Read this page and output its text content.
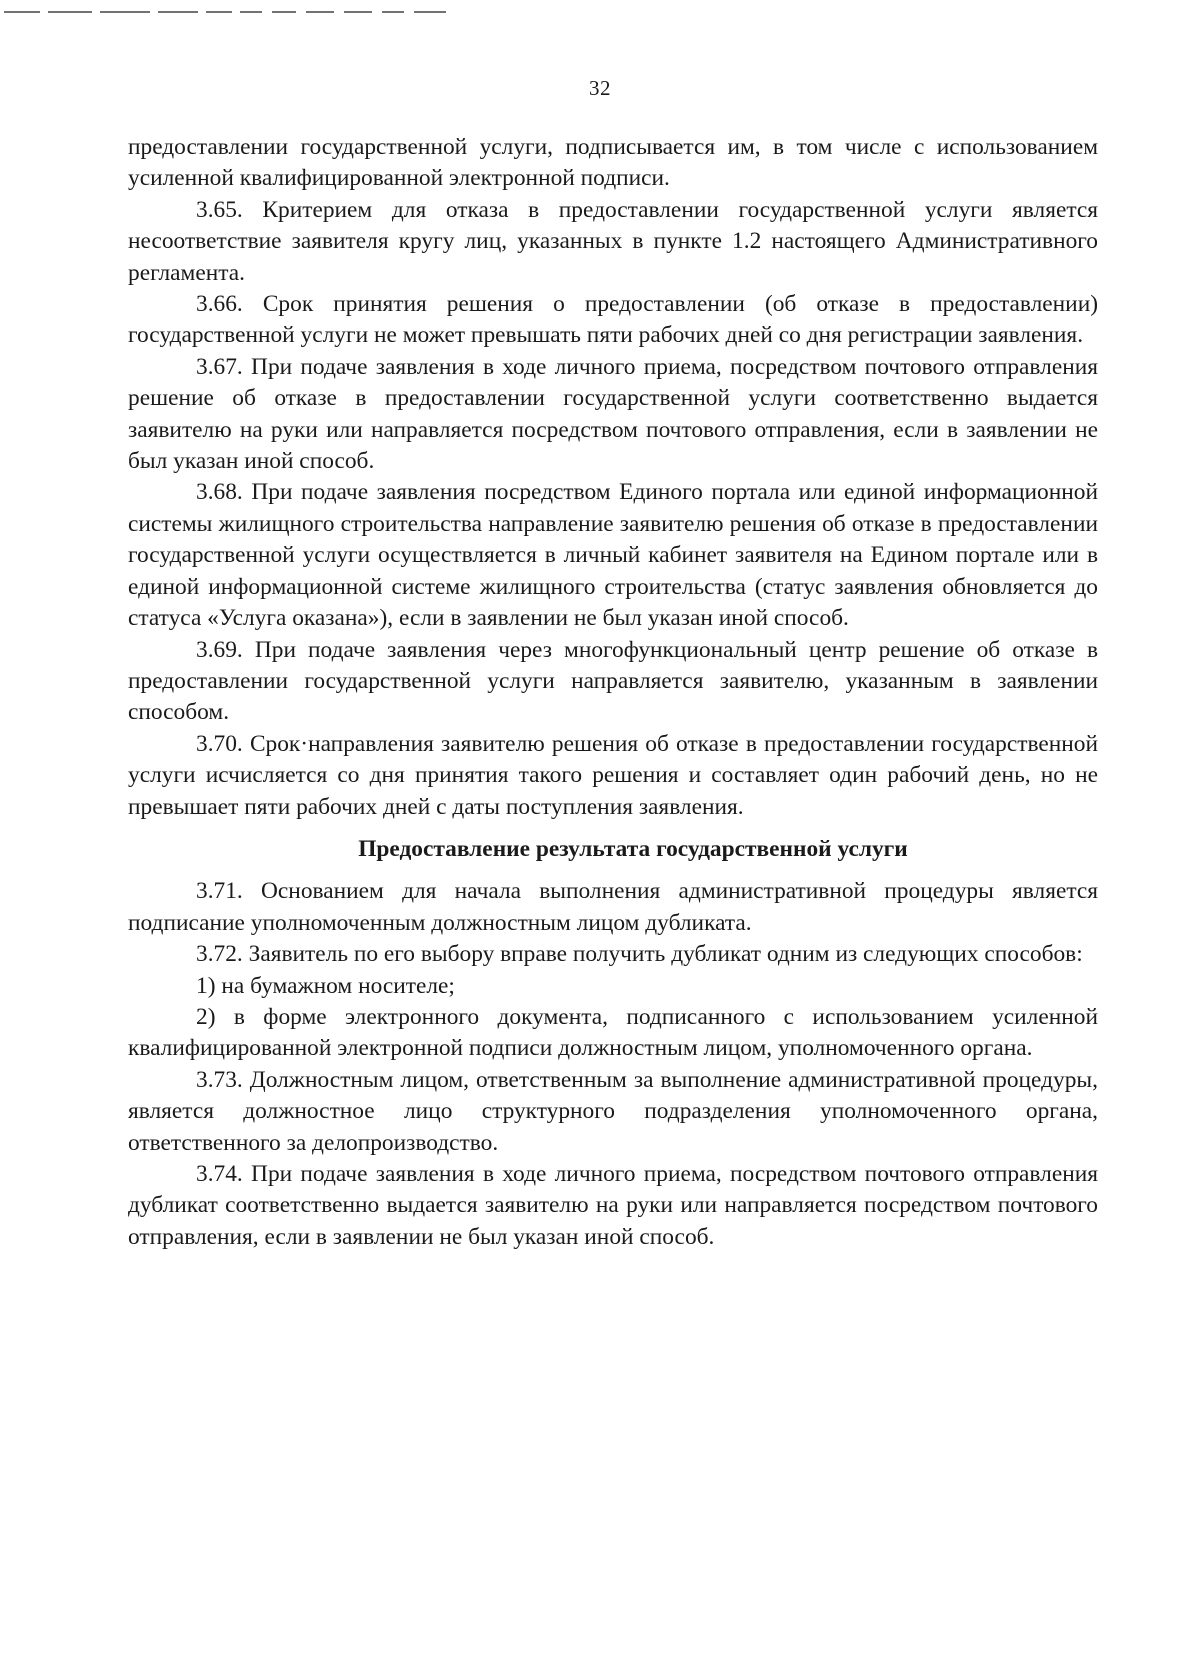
32

предоставлении государственной услуги, подписывается им, в том числе с использованием усиленной квалифицированной электронной подписи.

3.65. Критерием для отказа в предоставлении государственной услуги является несоответствие заявителя кругу лиц, указанных в пункте 1.2 настоящего Административного регламента.

3.66. Срок принятия решения о предоставлении (об отказе в предоставлении) государственной услуги не может превышать пяти рабочих дней со дня регистрации заявления.

3.67. При подаче заявления в ходе личного приема, посредством почтового отправления решение об отказе в предоставлении государственной услуги соответственно выдается заявителю на руки или направляется посредством почтового отправления, если в заявлении не был указан иной способ.

3.68. При подаче заявления посредством Единого портала или единой информационной системы жилищного строительства направление заявителю решения об отказе в предоставлении государственной услуги осуществляется в личный кабинет заявителя на Едином портале или в единой информационной системе жилищного строительства (статус заявления обновляется до статуса «Услуга оказана»), если в заявлении не был указан иной способ.

3.69. При подаче заявления через многофункциональный центр решение об отказе в предоставлении государственной услуги направляется заявителю, указанным в заявлении способом.

3.70. Срок·направления заявителю решения об отказе в предоставлении государственной услуги исчисляется со дня принятия такого решения и составляет один рабочий день, но не превышает пяти рабочих дней с даты поступления заявления.

Предоставление результата государственной услуги

3.71. Основанием для начала выполнения административной процедуры является подписание уполномоченным должностным лицом дубликата.

3.72. Заявитель по его выбору вправе получить дубликат одним из следующих способов:

1) на бумажном носителе;

2) в форме электронного документа, подписанного с использованием усиленной квалифицированной электронной подписи должностным лицом, уполномоченного органа.

3.73. Должностным лицом, ответственным за выполнение административной процедуры, является должностное лицо структурного подразделения уполномоченного органа, ответственного за делопроизводство.

3.74. При подаче заявления в ходе личного приема, посредством почтового отправления дубликат соответственно выдается заявителю на руки или направляется посредством почтового отправления, если в заявлении не был указан иной способ.
